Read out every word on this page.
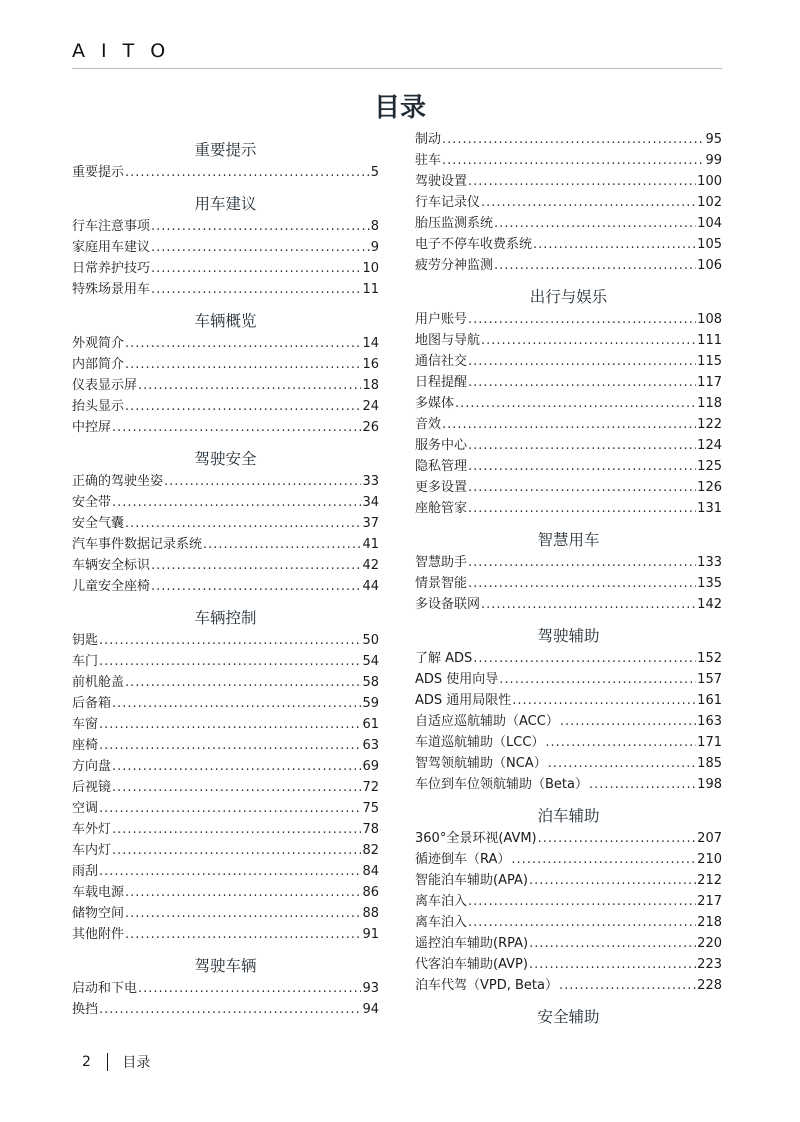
AITO
目录
重要提示
重要提示 .....	5
用车建议
行车注意事项 .....	8
家庭用车建议 .....	9
日常养护技巧 .....	10
特殊场景用车 .....	11
车辆概览
外观简介 .....	14
内部简介 .....	16
仪表显示屏 .....	18
抬头显示 .....	24
中控屏 .....	26
驾驶安全
正确的驾驶坐姿 .....	33
安全带 .....	34
安全气囊 .....	37
汽车事件数据记录系统 .....	41
车辆安全标识 .....	42
儿童安全座椅 .....	44
车辆控制
钥匙 .....	50
车门 .....	54
前机舱盖 .....	58
后备箱 .....	59
车窗 .....	61
座椅 .....	63
方向盘 .....	69
后视镜 .....	72
空调 .....	75
车外灯 .....	78
车内灯 .....	82
雨刮 .....	84
车载电源 .....	86
储物空间 .....	88
其他附件 .....	91
驾驶车辆
启动和下电 .....	93
换挡 .....	94
制动 .....	95
驻车 .....	99
驾驶设置 .....	100
行车记录仪 .....	102
胎压监测系统 .....	104
电子不停车收费系统 .....	105
疲劳分神监测 .....	106
出行与娱乐
用户账号 .....	108
地图与导航 .....	111
通信社交 .....	115
日程提醒 .....	117
多媒体 .....	118
音效 .....	122
服务中心 .....	124
隐私管理 .....	125
更多设置 .....	126
座舱管家 .....	131
智慧用车
智慧助手 .....	133
情景智能 .....	135
多设备联网 .....	142
驾驶辅助
了解 ADS .....	152
ADS 使用向导 .....	157
ADS 通用局限性 .....	161
自适应巡航辅助（ACC） .....	163
车道巡航辅助（LCC） .....	171
智驾领航辅助（NCA） .....	185
车位到车位领航辅助（Beta） .....	198
泊车辅助
360°全景环视(AVM) .....	207
循迹倒车（RA） .....	210
智能泊车辅助(APA) .....	212
离车泊入 .....	217
离车泊入 .....	218
遥控泊车辅助(RPA) .....	220
代客泊车辅助(AVP) .....	223
泊车代驾（VPD, Beta） .....	228
安全辅助
2 目录
